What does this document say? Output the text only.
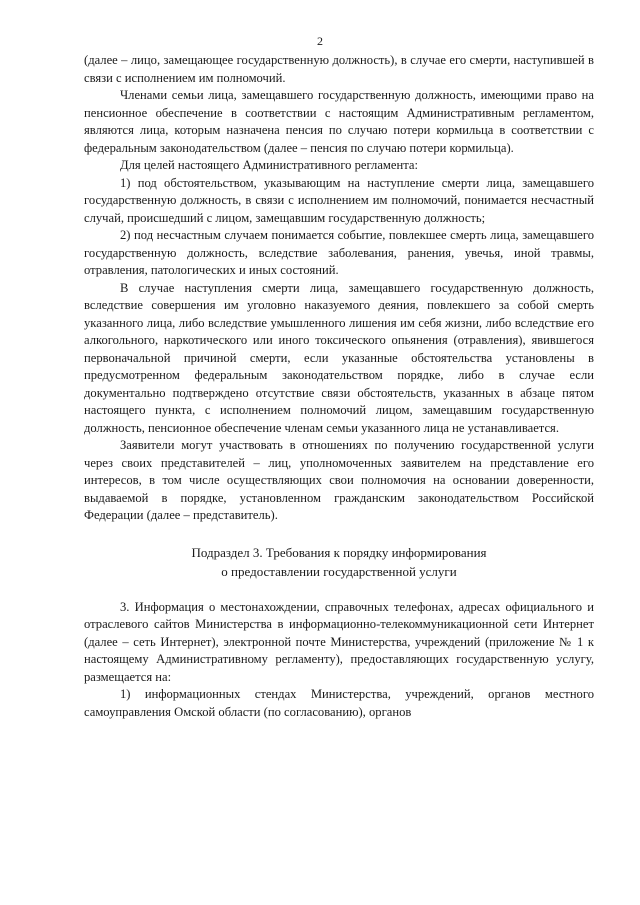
2

(далее – лицо, замещающее государственную должность), в случае его смерти, наступившей в связи с исполнением им полномочий.

Членами семьи лица, замещавшего государственную должность, имеющими право на пенсионное обеспечение в соответствии с настоящим Административным регламентом, являются лица, которым назначена пенсия по случаю потери кормильца в соответствии с федеральным законодательством (далее – пенсия по случаю потери кормильца).

Для целей настоящего Административного регламента:

1) под обстоятельством, указывающим на наступление смерти лица, замещавшего государственную должность, в связи с исполнением им полномочий, понимается несчастный случай, происшедший с лицом, замещавшим государственную должность;

2) под несчастным случаем понимается событие, повлекшее смерть лица, замещавшего государственную должность, вследствие заболевания, ранения, увечья, иной травмы, отравления, патологических и иных состояний.

В случае наступления смерти лица, замещавшего государственную должность, вследствие совершения им уголовно наказуемого деяния, повлекшего за собой смерть указанного лица, либо вследствие умышленного лишения им себя жизни, либо вследствие его алкогольного, наркотического или иного токсического опьянения (отравления), явившегося первоначальной причиной смерти, если указанные обстоятельства установлены в предусмотренном федеральным законодательством порядке, либо в случае если документально подтверждено отсутствие связи обстоятельств, указанных в абзаце пятом настоящего пункта, с исполнением полномочий лицом, замещавшим государственную должность, пенсионное обеспечение членам семьи указанного лица не устанавливается.

Заявители могут участвовать в отношениях по получению государственной услуги через своих представителей – лиц, уполномоченных заявителем на представление его интересов, в том числе осуществляющих свои полномочия на основании доверенности, выдаваемой в порядке, установленном гражданским законодательством Российской Федерации (далее – представитель).

Подраздел 3. Требования к порядку информирования
о предоставлении государственной услуги

3. Информация о местонахождении, справочных телефонах, адресах официального и отраслевого сайтов Министерства в информационно-телекоммуникационной сети Интернет (далее – сеть Интернет), электронной почте Министерства, учреждений (приложение № 1 к настоящему Административному регламенту), предоставляющих государственную услугу, размещается на:

1) информационных стендах Министерства, учреждений, органов местного самоуправления Омской области (по согласованию), органов
